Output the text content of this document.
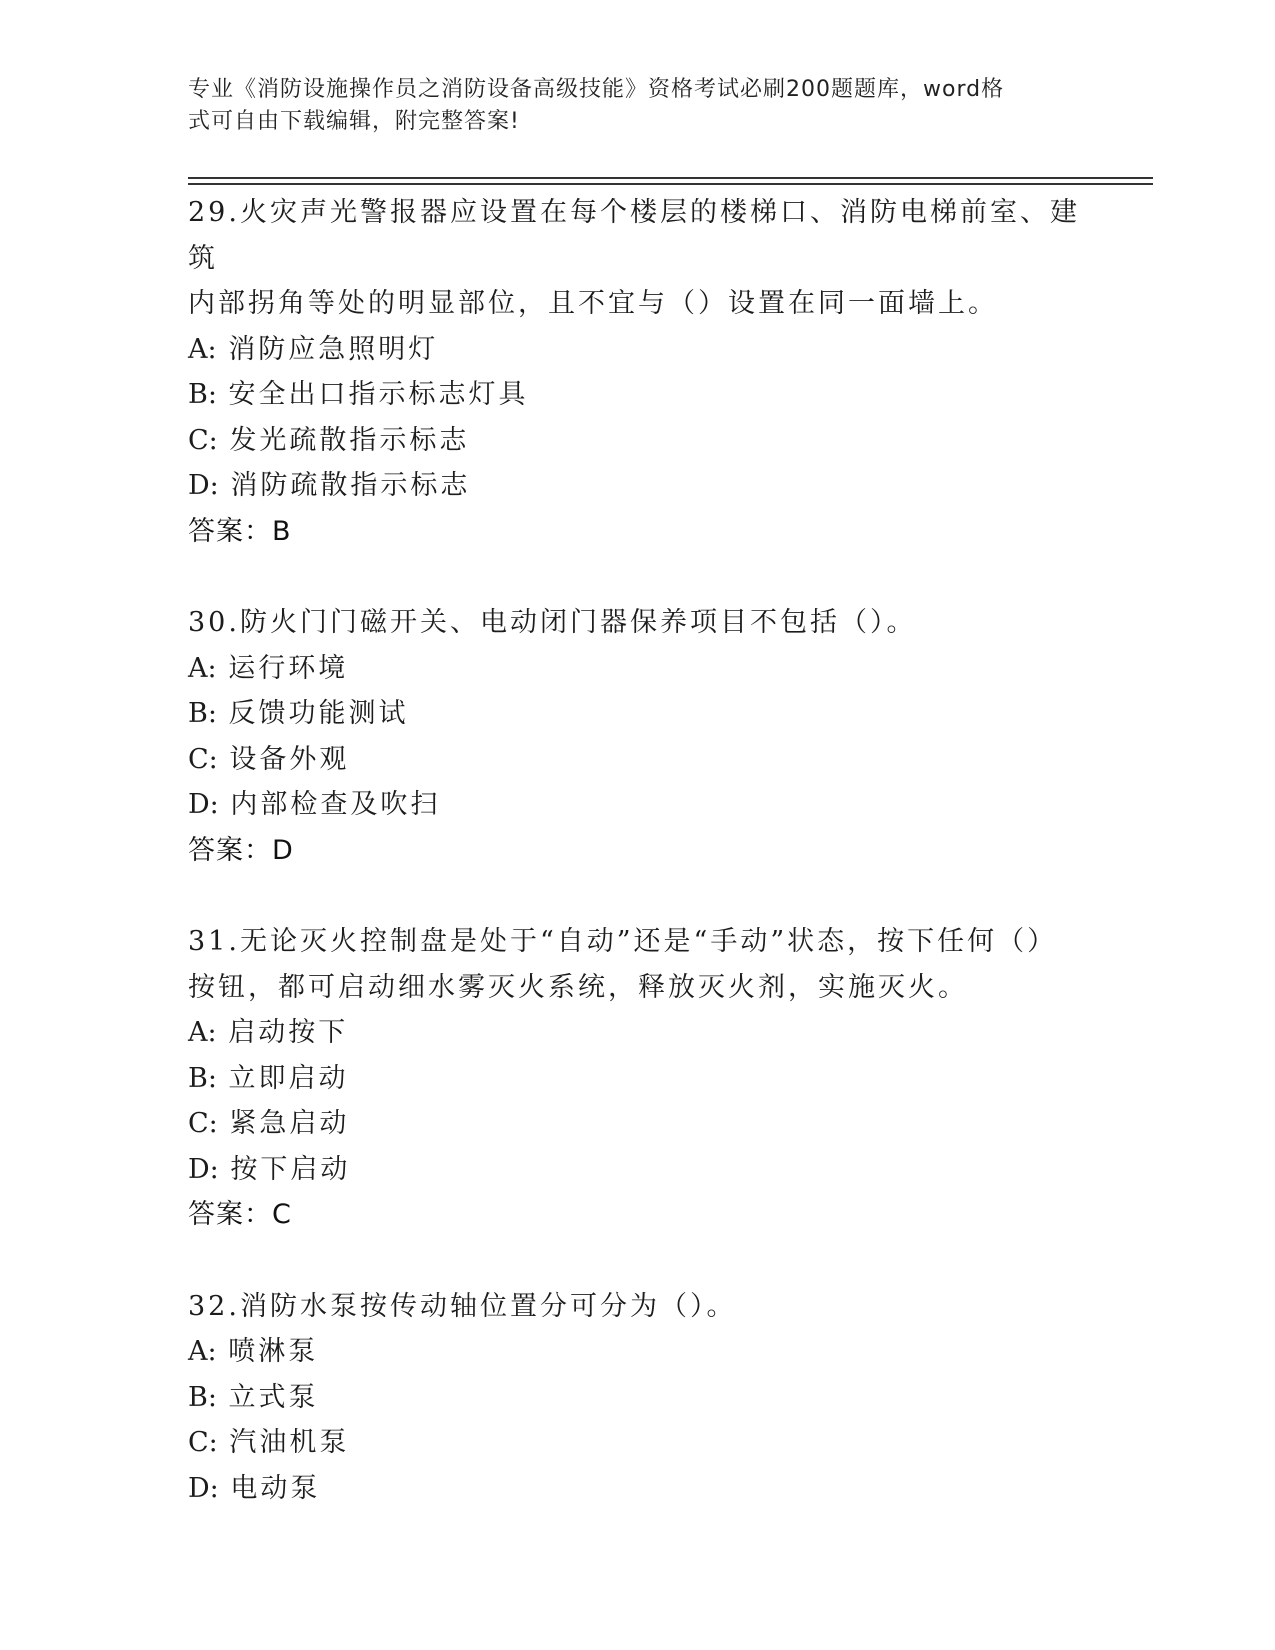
专业《消防设施操作员之消防设备高级技能》资格考试必刷200题题库，word格
式可自由下载编辑，附完整答案!
29.火灾声光警报器应设置在每个楼层的楼梯口、消防电梯前室、建筑
内部拐角等处的明显部位，且不宜与（）设置在同一面墙上。
A: 消防应急照明灯
B: 安全出口指示标志灯具
C: 发光疏散指示标志
D: 消防疏散指示标志
答案：B
30.防火门门磁开关、电动闭门器保养项目不包括（）。
A: 运行环境
B: 反馈功能测试
C: 设备外观
D: 内部检查及吹扫
答案：D
31.无论灭火控制盘是处于“自动”还是“手动”状态，按下任何（）
按钮，都可启动细水雾灭火系统，释放灭火剂，实施灭火。
A: 启动按下
B: 立即启动
C: 紧急启动
D: 按下启动
答案：C
32.消防水泵按传动轴位置分可分为（）。
A: 喷淋泵
B: 立式泵
C: 汽油机泵
D: 电动泵
